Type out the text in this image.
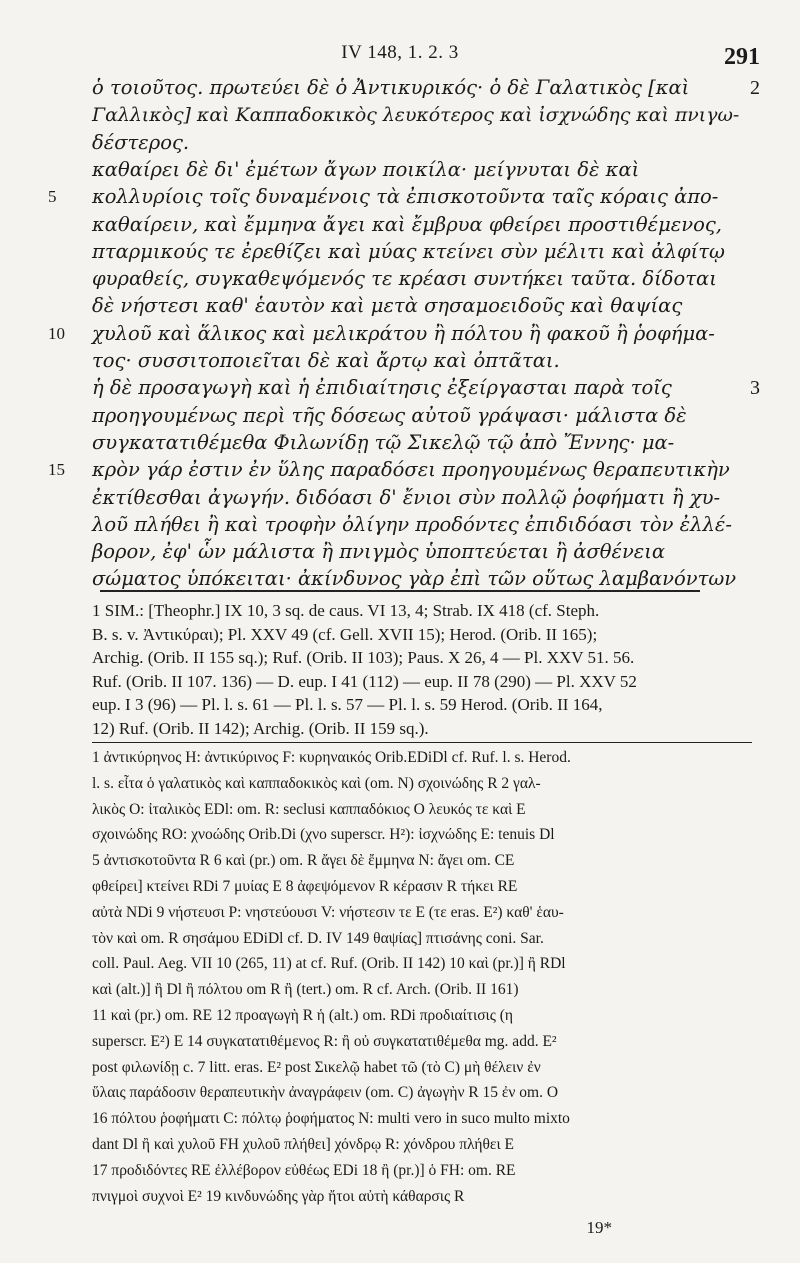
IV 148, 1. 2. 3	291
ὁ τοιοῦτος. πρωτεύει δὲ ὁ Ἀντικυρικός· ὁ δὲ Γαλατικὸς [καὶ	2
Γαλλικὸς] καὶ Καππαδοκικὸς λευκότερος καὶ ἰσχνώδης καὶ πνιγω-
δέστερος.
καθαίρει δὲ δι' ἐμέτων ἄγων ποικίλα· μείγνυται δὲ καὶ
5	κολλυρίοις τοῖς δυναμένοις τὰ ἐπισκοτοῦντα ταῖς κόραις ἀπο-
καθαίρειν, καὶ ἔμμηνα ἄγει καὶ ἔμβρυα φθείρει προστιθέμενος,
πταρμικούς τε ἐρεθίζει καὶ μύας κτείνει σὺν μέλιτι καὶ ἀλφίτῳ
φυραθείς, συγκαθεψόμενός τε κρέασι συντήκει ταῦτα. δίδοται
δὲ νήστεσι καθ' ἑαυτὸν καὶ μετὰ σησαμοειδοῦς καὶ θαψίας
10	χυλοῦ καὶ ἅλικος καὶ μελικράτου ἢ πόλτου ἢ φακοῦ ἢ ῥοφήμα-
τος· συσσιτοποιεῖται δὲ καὶ ἄρτῳ καὶ ὀπτᾶται.
ἡ δὲ προσαγωγὴ καὶ ἡ ἐπιδιαίτησις ἐξείργασται παρὰ τοῖς	3
προηγουμένως περὶ τῆς δόσεως αὐτοῦ γράψασι· μάλιστα δὲ
συγκατατιθέμεθα Φιλωνίδῃ τῷ Σικελῷ τῷ ἀπὸ Ἔννης· μα-
15	κρὸν γάρ ἐστιν ἐν ὕλης παραδόσει προηγουμένως θεραπευτικὴν
ἐκτίθεσθαι ἀγωγήν. διδόασι δ' ἔνιοι σὺν πολλῷ ῥοφήματι ἢ χυ-
λοῦ πλήθει ἢ καὶ τροφὴν ὀλίγην προδόντες ἐπιδιδόασι τὸν ἐλλέ-
βορον, ἐφ' ὧν μάλιστα ἢ πνιγμὸς ὑποπτεύεται ἢ ἀσθένεια
σώματος ὑπόκειται· ἀκίνδυνος γὰρ ἐπὶ τῶν οὕτως λαμβανόντων
1 SIM.: [Theophr.] IX 10, 3 sq. de caus. VI 13, 4; Strab. IX 418 (cf. Steph.
B. s. v. Ἀντικύραι); Pl. XXV 49 (cf. Gell. XVII 15); Herod. (Orib. II 165);
Archig. (Orib. II 155 sq.); Ruf. (Orib. II 103); Paus. X 26, 4 — Pl. XXV 51. 56.
Ruf. (Orib. II 107. 136) — D. eup. I 41 (112) — eup. II 78 (290) — Pl. XXV 52
eup. I 3 (96) — Pl. l. s. 61 — Pl. l. s. 57 — Pl. l. s. 59 Herod. (Orib. II 164,
12) Ruf. (Orib. II 142); Archig. (Orib. II 159 sq.).
1 ἀντικύρηνος H: ἀντικύρινος F: κυρηναικός Orib.EDiDl cf. Ruf. l. s. Herod.
l. s. εἶτα ὁ γαλατικὸς καὶ καππαδοκικὸς καὶ (om. N) σχοινώδης R 2 γαλ-
λικὸς O: ἰταλικὸς EDl: om. R: seclusi καππαδόκιος O λευκός τε καὶ E
σχοινώδης RO: χνοώδης Orib.Di (χνο superscr. H²): ἰσχνώδης E: tenuis Dl
5 ἀντισκοτοῦντα R 6 καὶ (pr.) om. R ἄγει δὲ ἔμμηνα N: ἄγει om. CE
φθείρει] κτείνει RDi 7 μυίας E 8 ἀφεψόμενον R κέρασιν R τήκει RE
αὐτὰ NDi 9 νήστευσι P: νηστεύουσι V: νήστεσιν τε E (τε eras. E²) καθ' ἑαυ-
τὸν καὶ om. R σησάμου EDiDl cf. D. IV 149 θαψίας] πτισάνης coni. Sar.
coll. Paul. Aeg. VII 10 (265, 11) at cf. Ruf. (Orib. II 142) 10 καὶ (pr.)] ἢ RDl
καὶ (alt.)] ἢ Dl ἢ πόλτου om R ἢ (tert.) om. R cf. Arch. (Orib. II 161)
11 καὶ (pr.) om. RE 12 προαγωγὴ R ἡ (alt.) om. RDi προδιαίτισις (η
superscr. E²) E 14 συγκατατιθέμενος R: ἢ οὐ συγκατατιθέμεθα mg. add. E²
post φιλωνίδῃ c. 7 litt. eras. E² post Σικελῷ habet τῶ (τὸ C) μὴ θέλειν ἐν
ὕλαις παράδοσιν θεραπευτικὴν ἀναγράφειν (om. C) ἀγωγὴν R 15 ἐν om. O
16 πόλτου ῥοφήματι C: πόλτῳ ῥοφήματος N: multi vero in suco multo mixto
dant Dl ἢ καὶ χυλοῦ FH χυλοῦ πλήθει] χόνδρῳ R: χόνδρου πλήθει E
17 προδιδόντες RE ἐλλέβορον εὐθέως EDi 18 ἢ (pr.)] ὁ FH: om. RE
πνιγμοὶ συχνοὶ E² 19 κινδυνώδης γὰρ ἤτοι αὐτὴ κάθαρσις R
19*
